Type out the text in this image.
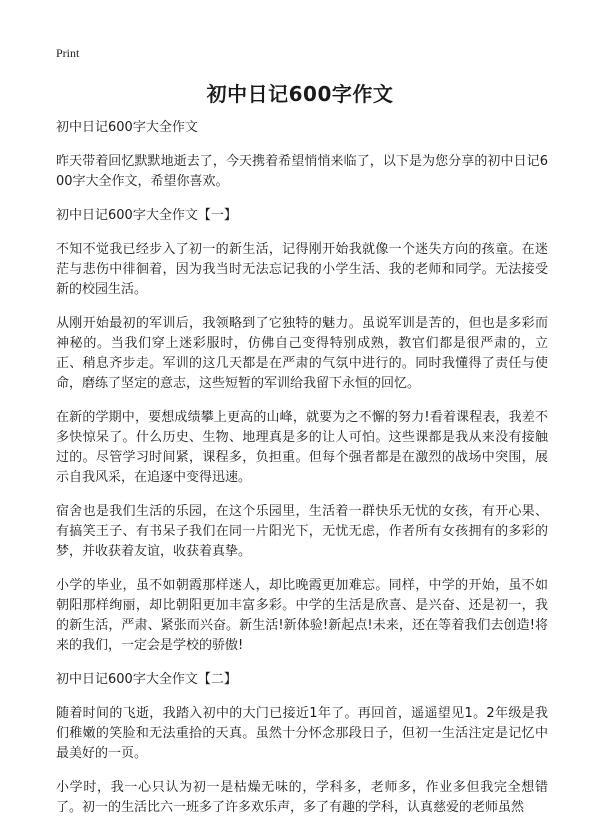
Print
初中日记600字作文

初中日记600字大全作文

昨天带着回忆默默地逝去了，今天携着希望悄悄来临了，以下是为您分享的初中日记600字大全作文，希望你喜欢。

初中日记600字大全作文【一】

不知不觉我已经步入了初一的新生活，记得刚开始我就像一个迷失方向的孩童。在迷茫与悲伤中徘徊着，因为我当时无法忘记我的小学生活、我的老师和同学。无法接受新的校园生活。

从刚开始最初的军训后，我领略到了它独特的魅力。虽说军训是苦的，但也是多彩而神秘的。当我们穿上迷彩服时，仿佛自己变得特别成熟，教官们都是很严肃的，立正、稍息齐步走。军训的这几天都是在严肃的气氛中进行的。同时我懂得了责任与使命，磨练了坚定的意志，这些短暂的军训给我留下永恒的回忆。

在新的学期中，要想成绩攀上更高的山峰，就要为之不懈的努力!看着课程表，我差不多快惊呆了。什么历史、生物、地理真是多的让人可怕。这些课都是我从来没有接触过的。尽管学习时间紧，课程多，负担重。但每个强者都是在激烈的战场中突围，展示自我风采，在追逐中变得迅速。

宿舍也是我们生活的乐园，在这个乐园里，生活着一群快乐无忧的女孩，有开心果、有搞笑王子、有书呆子我们在同一片阳光下，无忧无虑，作者所有女孩拥有的多彩的梦，并收获着友谊，收获着真挚。

小学的毕业，虽不如朝霞那样迷人，却比晚霞更加难忘。同样，中学的开始，虽不如朝阳那样绚丽，却比朝阳更加丰富多彩。中学的生活是欣喜、是兴奋、还是初一，我的新生活，严肃、紧张而兴奋。新生活!新体验!新起点!未来，还在等着我们去创造!将来的我们，一定会是学校的骄傲!

初中日记600字大全作文【二】

随着时间的飞逝，我踏入初中的大门已接近1年了。再回首，遥遥望见1。2年级是我们稚嫩的笑脸和无法重拾的天真。虽然十分怀念那段日子，但初一生活注定是记忆中最美好的一页。

小学时，我一心只认为初一是枯燥无味的，学科多，老师多，作业多但我完全想错了。初一的生活比六一班多了许多欢乐声，多了有趣的学科，认真慈爱的老师虽然
